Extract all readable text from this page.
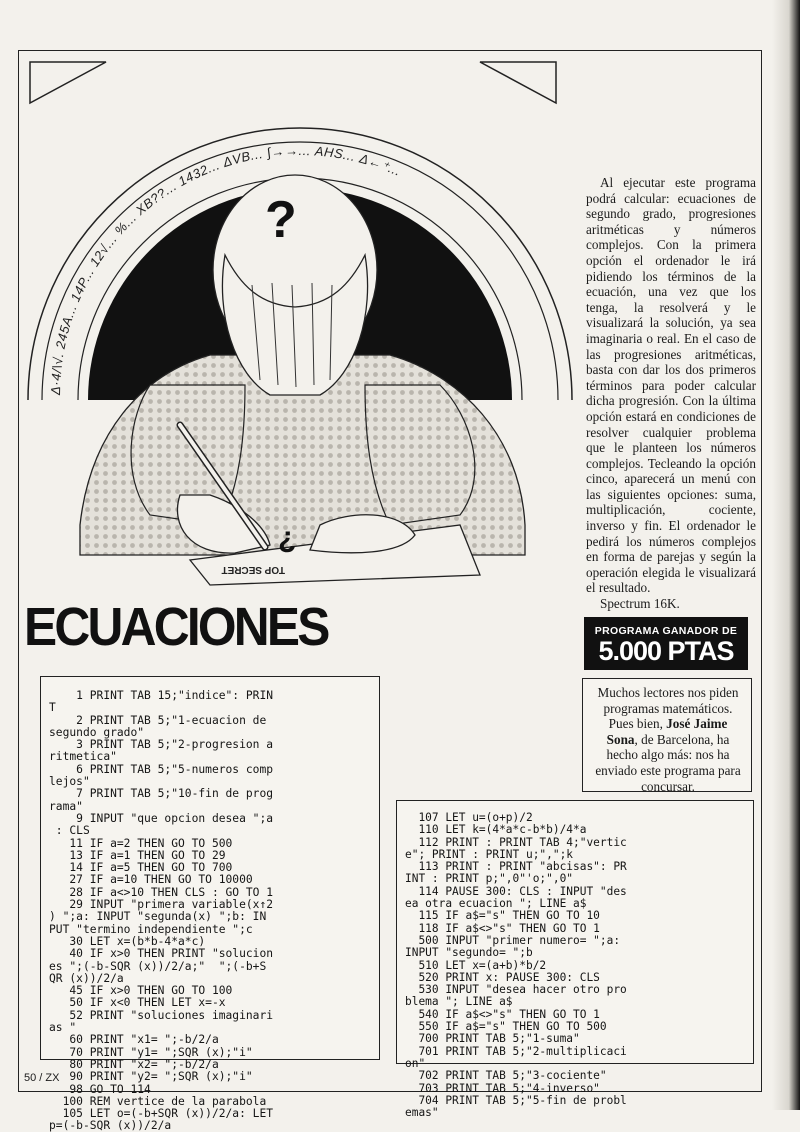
Δ·4/\√. 245A... 14P... 12√... %... XB??... 1432... ΔVB... ∫→→... AHS... Δ←⁺...
TOP SECRET
?
¿
Al ejecutar este programa podrá calcular: ecuaciones de segundo grado, progresiones aritméticas y números complejos. Con la primera opción el ordenador le irá pidiendo los términos de la ecuación, una vez que los tenga, la resolverá y le visualizará la solución, ya sea imaginaria o real. En el caso de las progresiones aritméticas, basta con dar los dos primeros términos para poder calcular dicha progresión. Con la última opción estará en condiciones de resolver cualquier problema que le planteen los números complejos. Tecleando la opción cinco, aparecerá un menú con las siguientes opciones: suma, multiplicación, cociente, inverso y fin. El ordenador le pedirá los números complejos en forma de parejas y según la operación elegida le visualizará el resultado.
Spectrum 16K.
ECUACIONES	PROGRAMA GANADOR DE
5.000 PTAS
Muchos lectores nos piden programas matemáticos. Pues bien, José Jaime Sona, de Barcelona, ha hecho algo más: nos ha enviado este programa para concursar.
1 PRINT TAB 15;"indice": PRIN
T
2 PRINT TAB 5;"1-ecuacion de
segundo grado"
3 PRINT TAB 5;"2-progresion a
ritmetica"
6 PRINT TAB 5;"5-numeros comp
lejos"
7 PRINT TAB 5;"10-fin de prog
rama"
9 INPUT "que opcion desea ";a
: CLS
11 IF a=2 THEN GO TO 500
13 IF a=1 THEN GO TO 29
14 IF a=5 THEN GO TO 700
27 IF a=10 THEN GO TO 10000
28 IF a<>10 THEN CLS : GO TO 1
29 INPUT "primera variable(x↑2
) ";a: INPUT "segunda(x) ";b: IN
PUT "termino independiente ";c
30 LET x=(b*b-4*a*c)
40 IF x>0 THEN PRINT "solucion
es ";(-b-SQR (x))/2/a;"  ";(-b+S
QR (x))/2/a
45 IF x>0 THEN GO TO 100
50 IF x<0 THEN LET x=-x
52 PRINT "soluciones imaginari
as "
60 PRINT "x1= ";-b/2/a
70 PRINT "y1= ";SQR (x);"i"
80 PRINT "x2= ";-b/2/a
90 PRINT "y2= ";SQR (x);"i"
98 GO TO 114
100 REM vertice de la parabola
105 LET o=(-b+SQR (x))/2/a: LET
p=(-b-SQR (x))/2/a
107 LET u=(o+p)/2
110 LET k=(4*a*c-b*b)/4*a
112 PRINT : PRINT TAB 4;"vertic
e"; PRINT : PRINT u;",";k
113 PRINT : PRINT "abcisas": PR
INT : PRINT p;",0"'o;",0"
114 PAUSE 300: CLS : INPUT "des
ea otra ecuacion "; LINE a$
115 IF a$="s" THEN GO TO 10
118 IF a$<>"s" THEN GO TO 1
500 INPUT "primer numero= ";a:
INPUT "segundo= ";b
510 LET x=(a+b)*b/2
520 PRINT x: PAUSE 300: CLS
530 INPUT "desea hacer otro pro
blema "; LINE a$
540 IF a$<>"s" THEN GO TO 1
550 IF a$="s" THEN GO TO 500
700 PRINT TAB 5;"1-suma"
701 PRINT TAB 5;"2-multiplicaci
on"
702 PRINT TAB 5;"3-cociente"
703 PRINT TAB 5;"4-inverso"
704 PRINT TAB 5;"5-fin de probl
emas"
50 / ZX
